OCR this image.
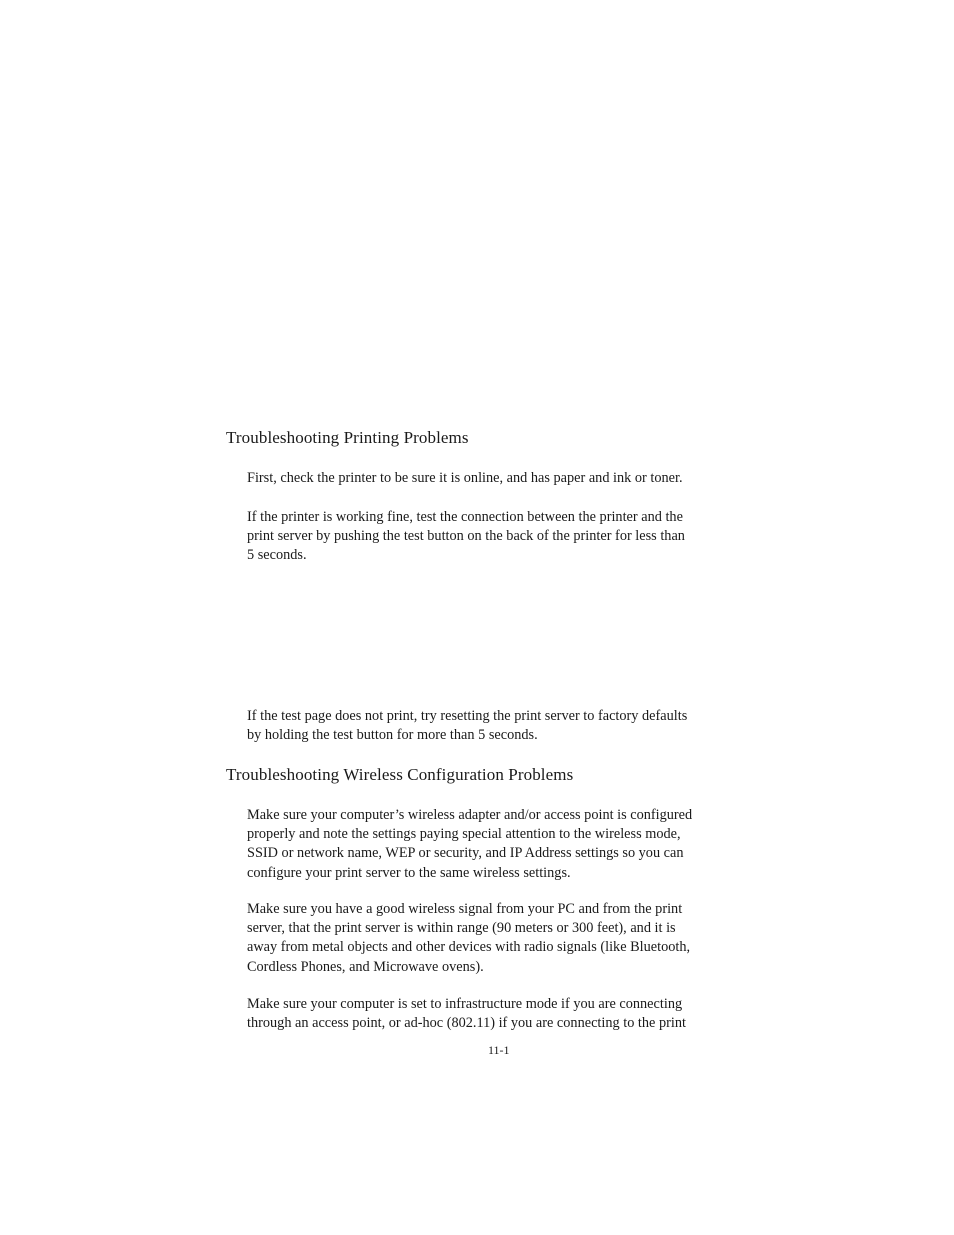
Troubleshooting Printing Problems
First, check the printer to be sure it is online, and has paper and ink or toner.
If the printer is working fine, test the connection between the printer and the
print server by pushing the test button on the back of the printer for less than
5 seconds.
If the test page does not print, try resetting the print server to factory defaults
by holding the test button for more than 5 seconds.
Troubleshooting Wireless Configuration Problems
Make sure your computer’s wireless adapter and/or access point is configured
properly and note the settings paying special attention to the wireless mode,
SSID or network name, WEP or security, and IP Address settings so you can
configure your print server to the same wireless settings.
Make sure you have a good wireless signal from your PC and from the print
server, that the print server is within range (90 meters or 300 feet), and it is
away from metal objects and other devices with radio signals (like Bluetooth,
Cordless Phones, and Microwave ovens).
Make sure your computer is set to infrastructure mode if you are connecting
through an access point, or ad-hoc (802.11) if you are connecting to the print

11-1
